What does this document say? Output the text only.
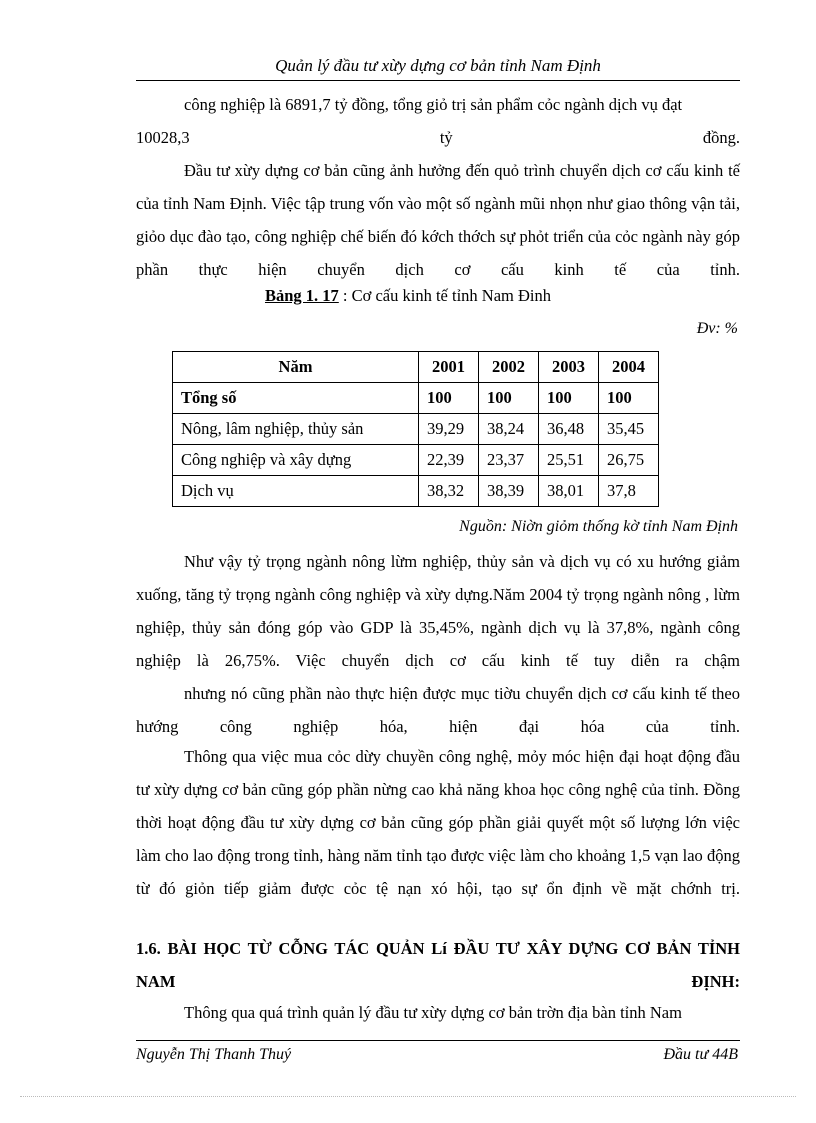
Quản lý đầu tư xừy dựng cơ bản tỉnh Nam Định

công nghiệp là 6891,7 tỷ đồng, tổng giỏ trị sản phẩm cỏc ngành dịch vụ đạt

10028,3 tỷ đồng.

Đầu tư xừy dựng cơ bản cũng ảnh hưởng đến quỏ trình chuyển dịch cơ cấu kinh tế của tỉnh Nam Định. Việc tập trung vốn vào một số ngành mũi nhọn như giao thông vận tải, giỏo dục đào tạo, công nghiệp chế biến đó kớch thớch sự phỏt triển của cỏc ngành này góp phần thực hiện chuyển dịch cơ cấu kinh tế của tỉnh.

Bảng 1. 17 : Cơ cấu kinh tế tỉnh Nam Đinh
Đv: %
Năm	2001	2002	2003	2004
Tổng số	100	100	100	100
Nông, lâm nghiệp, thủy sản	39,29	38,24	36,48	35,45
Công nghiệp và xây dựng	22,39	23,37	25,51	26,75
Dịch vụ	38,32	38,39	38,01	37,8
Nguồn: Niờn giỏm thống kờ tỉnh Nam Định

Như vậy tỷ trọng ngành nông lừm nghiệp, thủy sản và dịch vụ có xu hướng giảm xuống, tăng tỷ trọng ngành công nghiệp và xừy dựng.Năm 2004 tỷ trọng ngành nông , lừm nghiệp, thủy sản đóng góp vào GDP là 35,45%, ngành dịch vụ là 37,8%, ngành công nghiệp là 26,75%. Việc chuyển dịch cơ cấu kinh tế tuy diễn ra chậm

nhưng nó cũng phần nào thực hiện được mục tiờu chuyển dịch cơ cấu kinh tế theo hướng công nghiệp hóa, hiện đại hóa của tỉnh.

Thông qua việc mua cỏc dừy chuyền công nghệ, mỏy móc hiện đại hoạt động đầu tư xừy dựng cơ bản cũng góp phần nừng cao khả năng khoa học công nghệ của tỉnh. Đồng thời hoạt động đầu tư xừy dựng cơ bản cũng góp phần giải quyết một số lượng lớn việc làm cho lao động trong tỉnh, hàng năm tỉnh tạo được việc làm cho khoảng 1,5 vạn lao động từ đó giỏn tiếp giảm được cỏc tệ nạn xó hội, tạo sự ổn định về mặt chớnh trị.

1.6. BÀI HỌC TỪ CỖNG TÁC QUẢN Lí ĐẦU TƯ XÂY DỰNG CƠ BẢN TỈNH NAM ĐỊNH:

Thông qua quá trình quản lý đầu tư xừy dựng cơ bản trờn địa bàn tỉnh Nam

Nguyễn Thị Thanh Thuý	Đầu tư 44B
